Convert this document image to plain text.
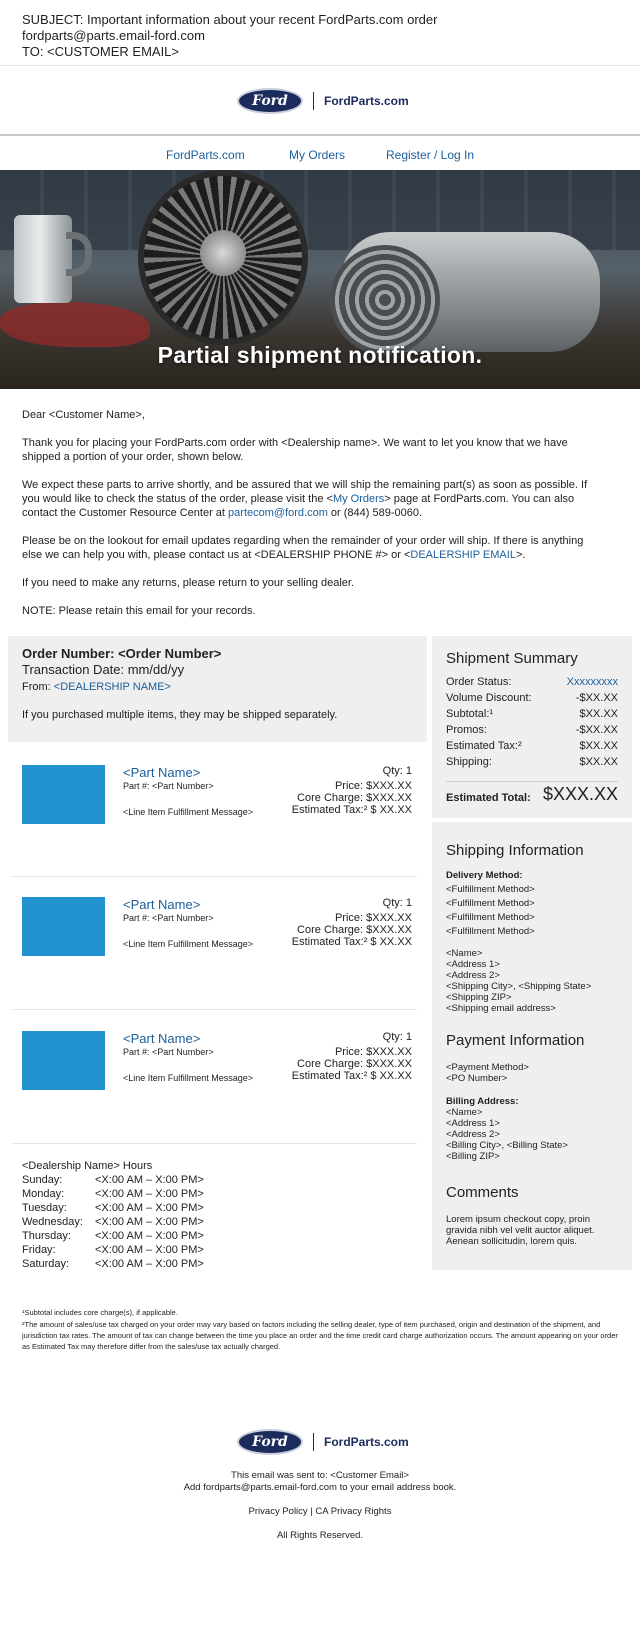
SUBJECT: Important information about your recent FordParts.com order
fordparts@parts.email-ford.com
TO: <CUSTOMER EMAIL>
Ford	FordParts.com
FordParts.com	My Orders	Register / Log In
Partial shipment notification.
Dear <Customer Name>,
Thank you for placing your FordParts.com order with <Dealership name>. We want to let you know that we have shipped a portion of your order, shown below.
We expect these parts to arrive shortly, and be assured that we will ship the remaining part(s) as soon as possible. If you would like to check the status of the order, please visit the <My Orders> page at FordParts.com. You can also contact the Customer Resource Center at partecom@ford.com or (844) 589-0060.
Please be on the lookout for email updates regarding when the remainder of your order will ship. If there is anything else we can help you with, please contact us at <DEALERSHIP PHONE #> or <DEALERSHIP EMAIL>.
If you need to make any returns, please return to your selling dealer.
NOTE: Please retain this email for your records.
Order Number: <Order Number>
Transaction Date: mm/dd/yy
From: <DEALERSHIP NAME>
If you purchased multiple items, they may be shipped separately.
<Part Name>
Part #: <Part Number>
<Line Item Fulfillment Message>
Qty: 1
Price: $XXX.XX
Core Charge: $XXX.XX
Estimated Tax:² $ XX.XX
<Part Name>
Part #: <Part Number>
<Line Item Fulfillment Message>
Qty: 1
Price: $XXX.XX
Core Charge: $XXX.XX
Estimated Tax:² $ XX.XX
<Part Name>
Part #: <Part Number>
<Line Item Fulfillment Message>
Qty: 1
Price: $XXX.XX
Core Charge: $XXX.XX
Estimated Tax:² $ XX.XX
<Dealership Name> Hours
Sunday:	<X:00 AM – X:00 PM>
Monday:	<X:00 AM – X:00 PM>
Tuesday:	<X:00 AM – X:00 PM>
Wednesday: <X:00 AM – X:00 PM>
Thursday: <X:00 AM – X:00 PM>
Friday:	<X:00 AM – X:00 PM>
Saturday: <X:00 AM – X:00 PM>
Shipment Summary
Order Status:	Xxxxxxxxx
Volume Discount:	-$XX.XX
Subtotal:¹	$XX.XX
Promos:	-$XX.XX
Estimated Tax:²	$XX.XX
Shipping:	$XX.XX
Estimated Total: $XXX.XX
Shipping Information
Delivery Method:
<Fulfillment Method>
<Fulfillment Method>
<Fulfillment Method>
<Fulfillment Method>
<Name>
<Address 1>
<Address 2>
<Shipping City>, <Shipping State>
<Shipping ZIP>
<Shipping email address>
Payment Information
<Payment Method>
<PO Number>
Billing Address:
<Name>
<Address 1>
<Address 2>
<Billing City>, <Billing State>
<Billing ZIP>
Comments
Lorem ipsum checkout copy, proin gravida nibh vel velit auctor aliquet. Aenean sollicitudin, lorem quis.
¹Subtotal includes core charge(s), if applicable.
²The amount of sales/use tax charged on your order may vary based on factors including the selling dealer, type of item purchased, origin and destination of the shipment, and jurisdiction tax rates. The amount of tax can change between the time you place an order and the time credit card charge authorization occurs. The amount appearing on your order as Estimated Tax may therefore differ from the sales/use tax actually charged.
Ford	FordParts.com
This email was sent to: <Customer Email>
Add fordparts@parts.email-ford.com to your email address book.
Privacy Policy | CA Privacy Rights
All Rights Reserved.
